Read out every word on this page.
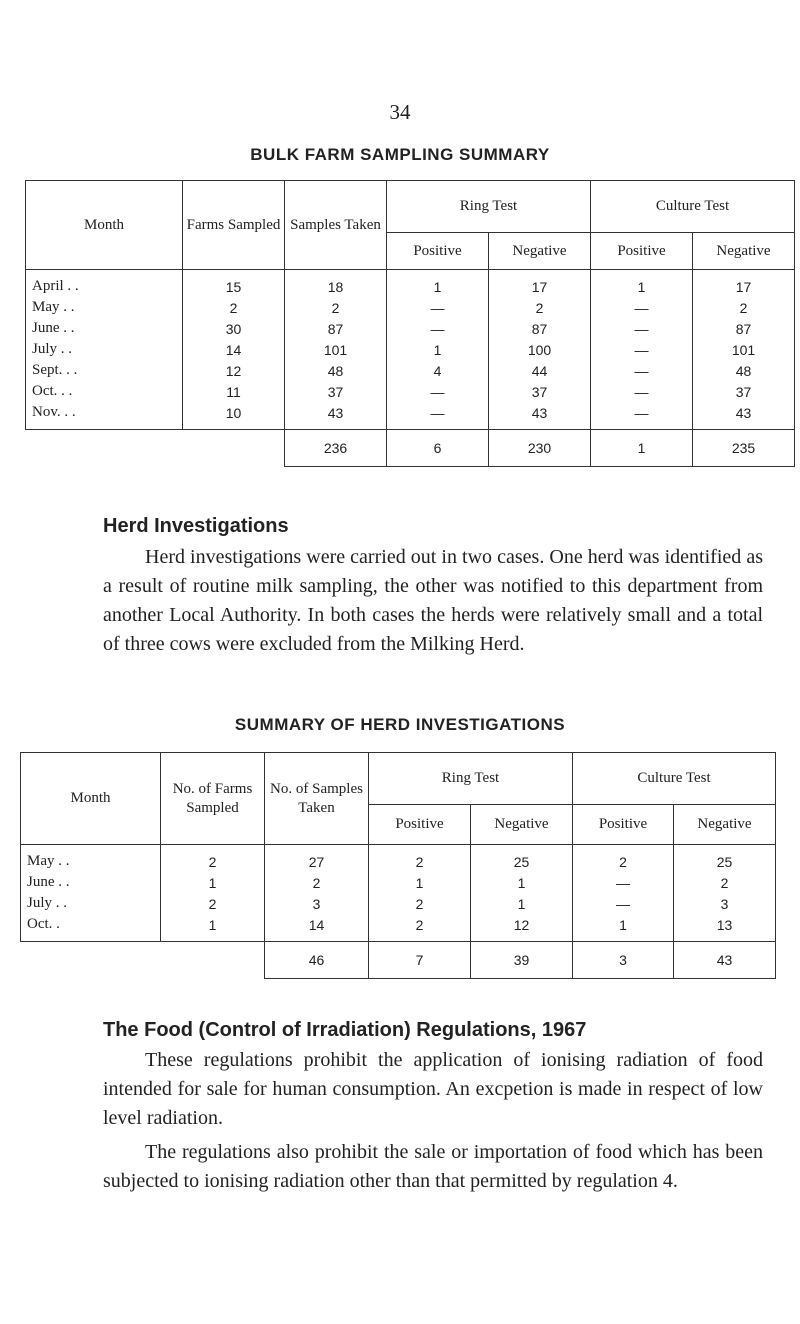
34
BULK FARM SAMPLING SUMMARY
Month	Farms Sampled	Samples Taken	Ring Test		Culture Test	
			Positive	Negative	Positive	Negative
April . .	15	18	1	17	1	17
May . .	2	2	—	2	—	2
June . .	30	87	—	87	—	87
July . .	14	101	1	100	—	101
Sept. . .	12	48	4	44	—	48
Oct. . .	11	37	—	37	—	37
Nov. . .	10	43	—	43	—	43
		236	6	230	1	235
Herd Investigations

Herd investigations were carried out in two cases. One herd was identified as a result of routine milk sampling, the other was notified to this department from another Local Authority. In both cases the herds were relatively small and a total of three cows were excluded from the Milking Herd.

SUMMARY OF HERD INVESTIGATIONS
Month	No. of Farms Sampled	No. of Samples Taken	Ring Test		Culture Test	
			Positive	Negative	Positive	Negative
May . .	2	27	2	25	2	25
June . .	1	2	1	1	—	2
July . .	2	3	2	1	—	3
Oct. .	1	14	2	12	1	13
		46	7	39	3	43
The Food (Control of Irradiation) Regulations, 1967

These regulations prohibit the application of ionising radiation of food intended for sale for human consumption. An excpetion is made in respect of low level radiation.

The regulations also prohibit the sale or importation of food which has been subjected to ionising radiation other than that permitted by regulation 4.
